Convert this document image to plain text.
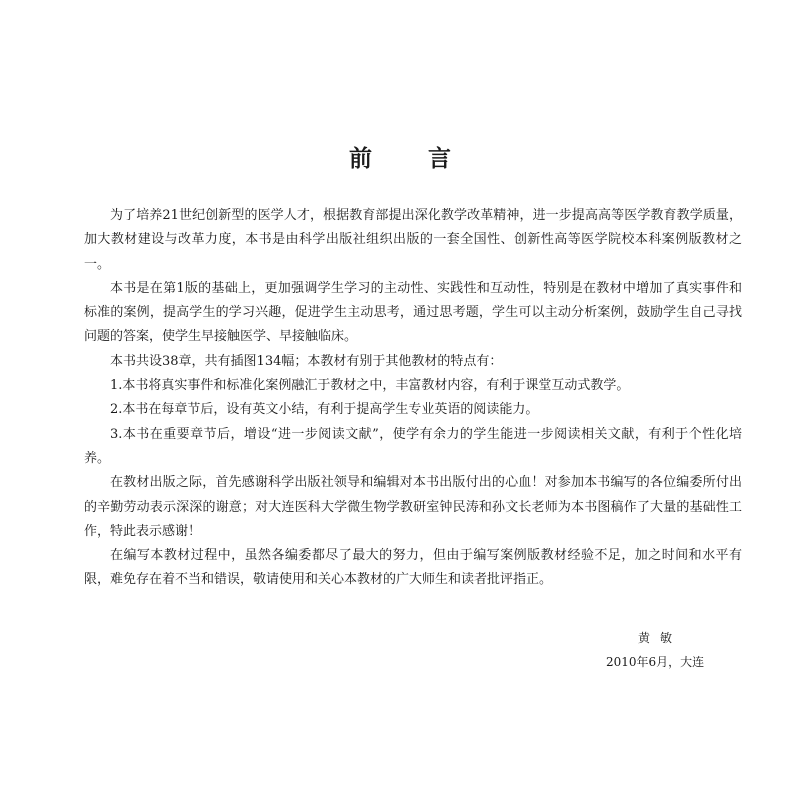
前 言

为了培养21世纪创新型的医学人才，根据教育部提出深化教学改革精神，进一步提高高等医学教育教学质量，加大教材建设与改革力度，本书是由科学出版社组织出版的一套全国性、创新性高等医学院校本科案例版教材之一。

本书是在第1版的基础上，更加强调学生学习的主动性、实践性和互动性，特别是在教材中增加了真实事件和标准的案例，提高学生的学习兴趣，促进学生主动思考，通过思考题，学生可以主动分析案例，鼓励学生自己寻找问题的答案，使学生早接触医学、早接触临床。

本书共设38章，共有插图134幅；本教材有别于其他教材的特点有：

1.本书将真实事件和标准化案例融汇于教材之中，丰富教材内容，有利于课堂互动式教学。

2.本书在每章节后，设有英文小结，有利于提高学生专业英语的阅读能力。

3.本书在重要章节后，增设“进一步阅读文献”，使学有余力的学生能进一步阅读相关文献，有利于个性化培养。

在教材出版之际，首先感谢科学出版社领导和编辑对本书出版付出的心血！对参加本书编写的各位编委所付出的辛勤劳动表示深深的谢意；对大连医科大学微生物学教研室钟民涛和孙文长老师为本书图稿作了大量的基础性工作，特此表示感谢！

在编写本教材过程中，虽然各编委都尽了最大的努力，但由于编写案例版教材经验不足，加之时间和水平有限，难免存在着不当和错误，敬请使用和关心本教材的广大师生和读者批评指正。

黄敏
2010年6月，大连
